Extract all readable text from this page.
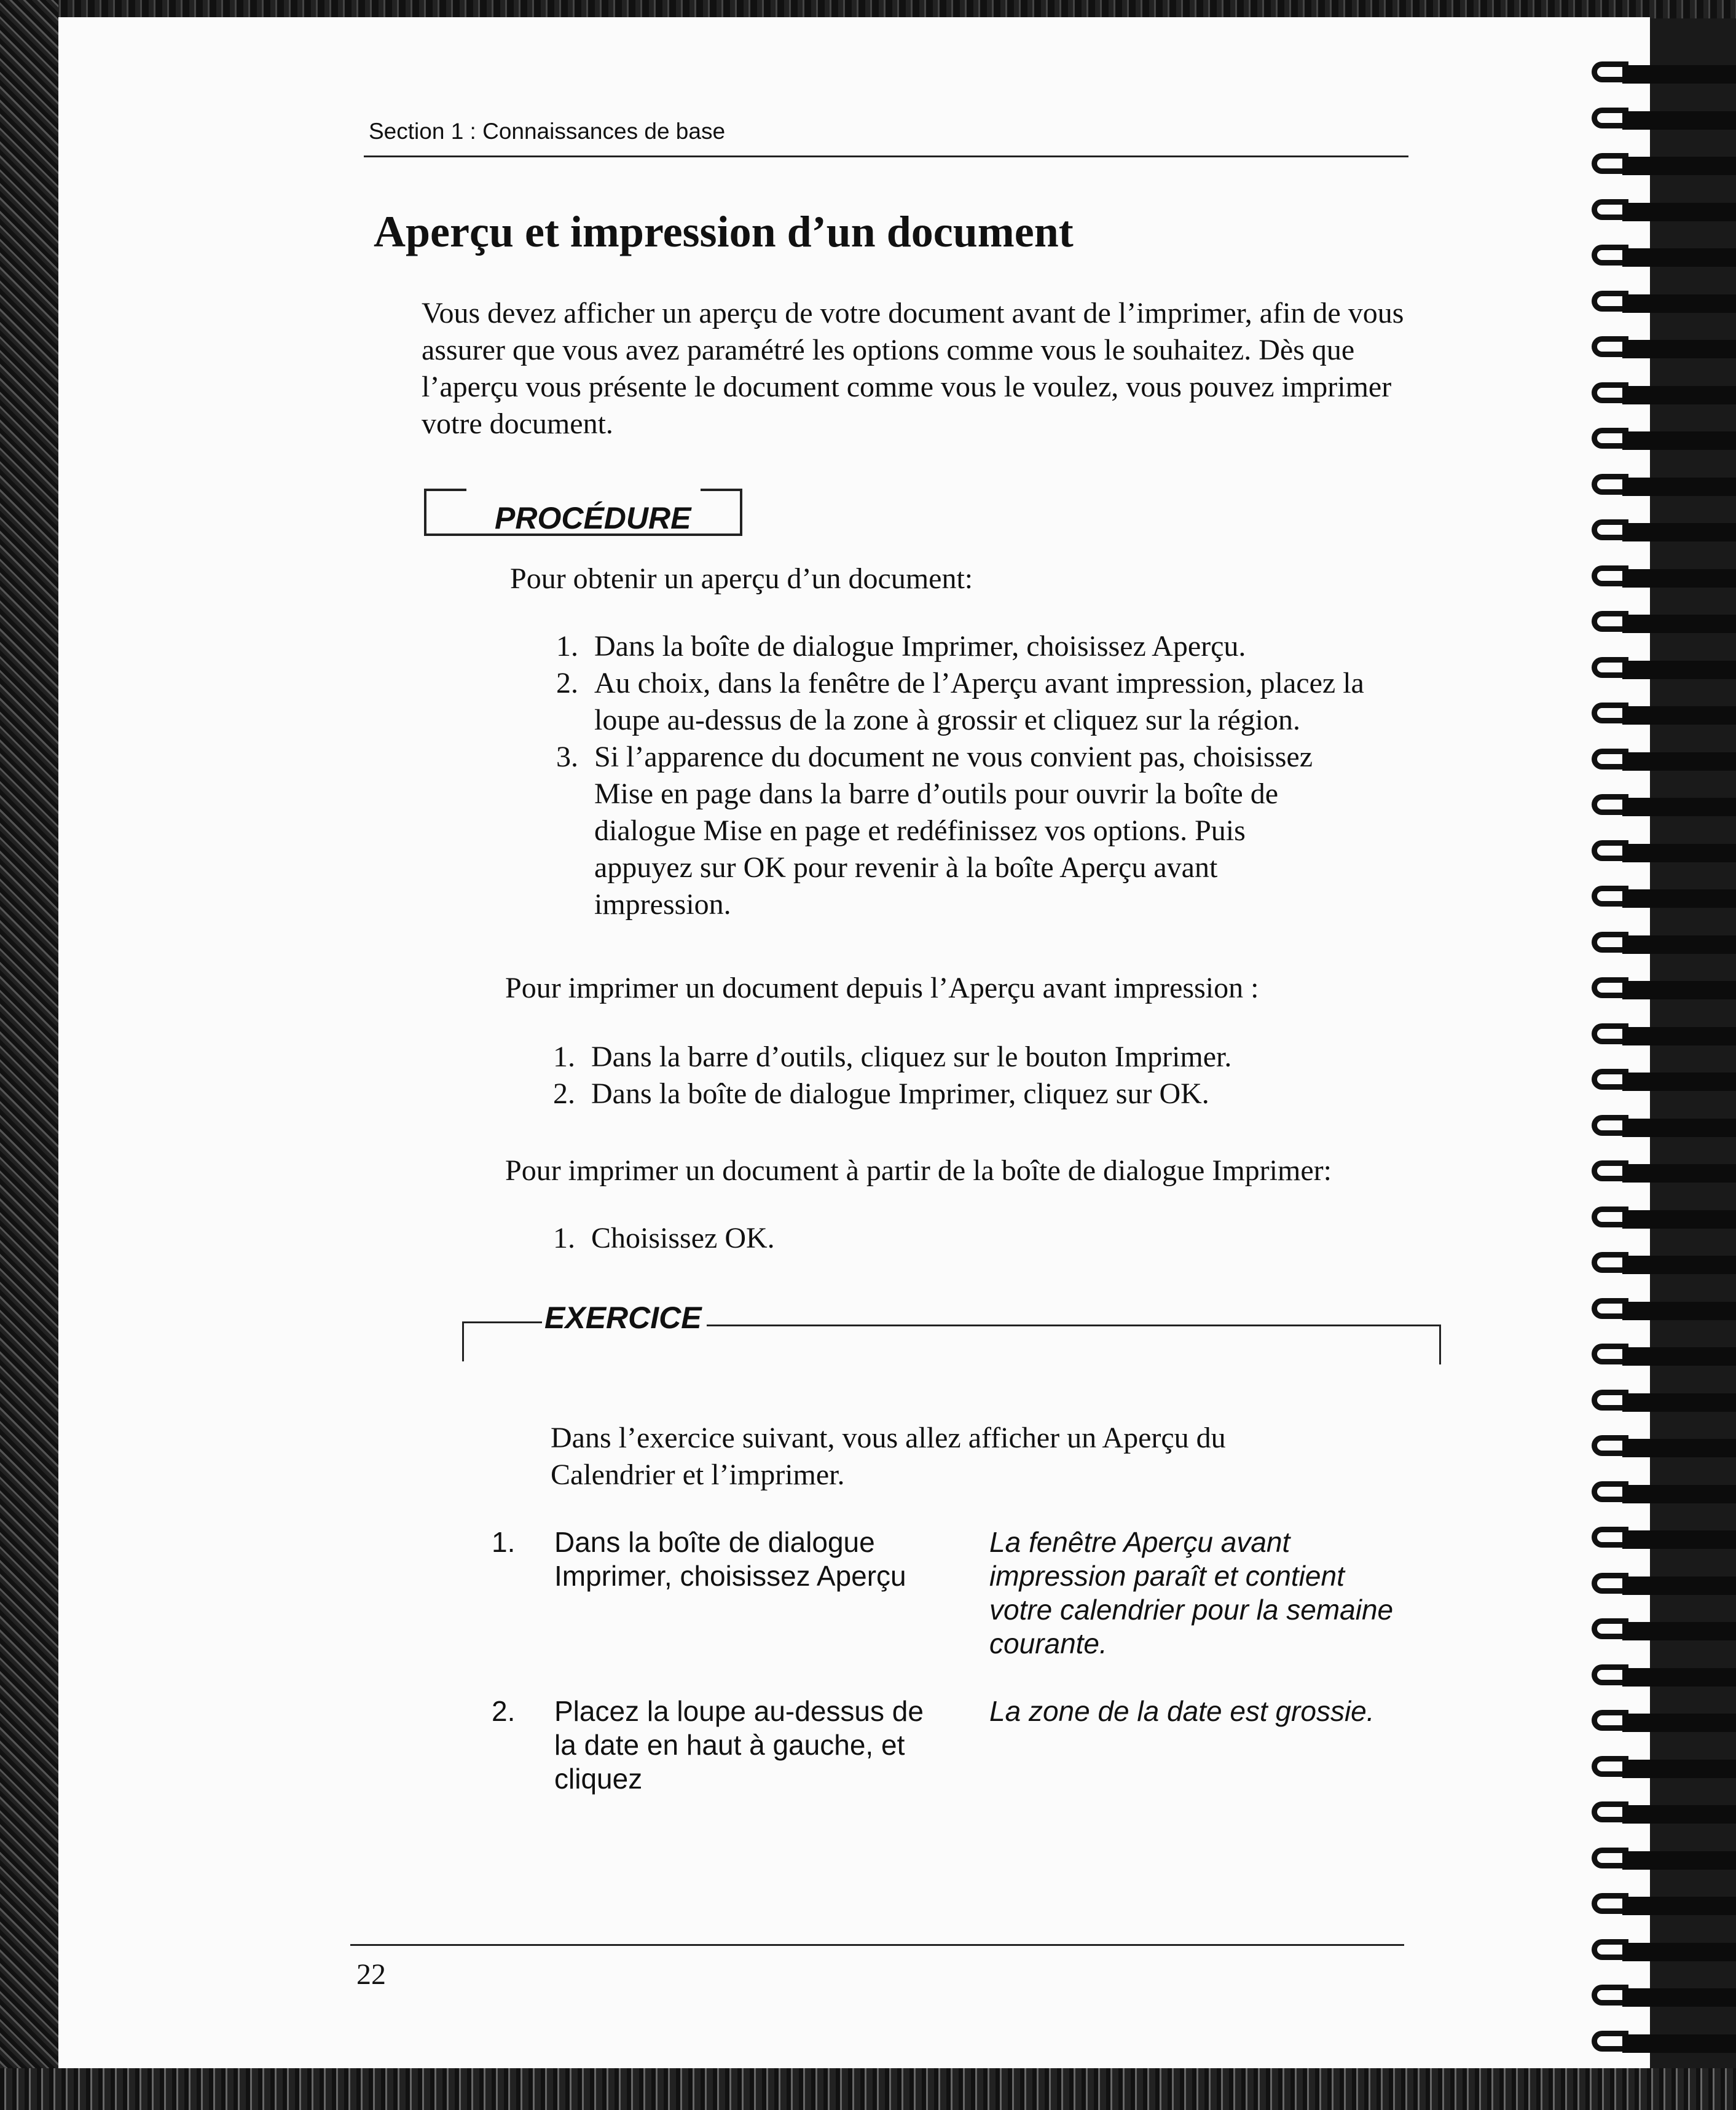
Section 1 : Connaissances de base
Aperçu et impression d’un document

Vous devez afficher un aperçu de votre document avant de l’imprimer, afin de vous assurer que vous avez paramétré les options comme vous le souhaitez. Dès que l’aperçu vous présente le document comme vous le voulez, vous pouvez imprimer votre document.

PROCÉDURE

Pour obtenir un aperçu d’un document:

1. Dans la boîte de dialogue Imprimer, choisissez Aperçu.
2. Au choix, dans la fenêtre de l’Aperçu avant impression, placez la loupe au-dessus de la zone à grossir et cliquez sur la région.
3. Si l’apparence du document ne vous convient pas, choisissez Mise en page dans la barre d’outils pour ouvrir la boîte de dialogue Mise en page et redéfinissez vos options. Puis appuyez sur OK pour revenir à la boîte Aperçu avant impression.

Pour imprimer un document depuis l’Aperçu avant impression :

1. Dans la barre d’outils, cliquez sur le bouton Imprimer.
2. Dans la boîte de dialogue Imprimer, cliquez sur OK.

Pour imprimer un document à partir de la boîte de dialogue Imprimer:

1. Choisissez OK.
EXERCICE

Dans l’exercice suivant, vous allez afficher un Aperçu du Calendrier et l’imprimer.

1. Dans la boîte de dialogue Imprimer, choisissez Aperçu
La fenêtre Aperçu avant impression paraît et contient votre calendrier pour la semaine courante.
2. Placez la loupe au-dessus de la date en haut à gauche, et cliquez
La zone de la date est grossie.
22
